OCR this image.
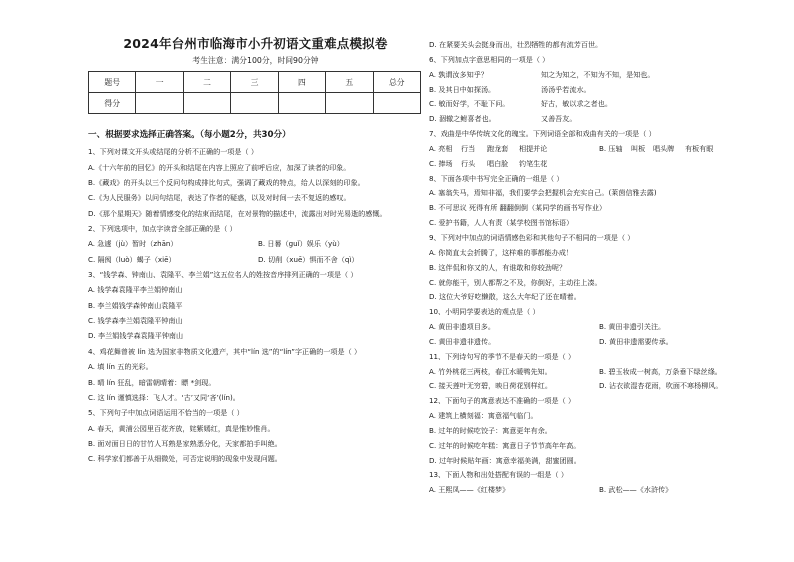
2024年台州市临海市小升初语文重难点模拟卷
考生注意：满分100分，时间90分钟
题号	一	二	三	四	五	总分
得分						
一、根据要求选择正确答案。（每小题2分，共30分）
1、下列对课文开头或结尾的分析不正确的一项是（ ）
A.《十六年前的回忆》的开头和结尾在内容上照应了前呼后应，加深了读者的印象。
B.《藏戏》的开头以三个反问句构成排比句式，强调了藏戏的特点，给人以深刻的印象。
C.《为人民服务》以问句结尾，表达了作者的疑惑，以及对时间一去不复返的感叹。
D.《那个星期天》随着情感变化的结束而结尾，在对景物的描述中，流露出对时光易逝的感慨。
2、下列选项中，加点字读音全部正确的是（ ）
A. 急遽（jù）暂时（zhān）	B. 日晷（guǐ）娱乐（yù）
C. 隔阂（luò）蝎子（xiē）	D. 切削（xuē）惧而不舍（qì）
3、“钱学森、钟南山、袁隆平、李兰娟”这五位名人的姓按音序排列正确的一项是（ ）
A. 钱学森袁隆平李兰娟钟南山
B. 李兰娟钱学森钟南山袁隆平
C. 钱学森李兰娟袁隆平钟南山
D. 李兰娟钱学森袁隆平钟南山
4、鸡花舞曾被 lín 选为国家非物质文化遗产，其中“lín 选”的“lín”字正确的一项是（ ）
A. 填 lín 五的光彩。
B. 晴 lín 狂乱，暗雷朝晴着：瞟 *剑现。
C. 这 lín 谨慎选择：飞人才。‘古’又同‘吝’(lín)。
5、下列句子中加点词语运用不恰当的一项是（ ）
A. 春天，黄浦公园里百花齐放，姹紫嫣红，真是惟妙惟肖。
B. 面对面日日的甘竹人耳熟是家熟悉分化，天家都拍手叫绝。
C. 科学家们都善于从细微处，可否定说明的现象中发现问题。
D. 在紧要关头会挺身而出，壮烈牺牲的都有流芳百世。
6、下列加点字意思相同的一项是（ ）
A. 孰谓汝多知乎？	知之为知之，不知为不知，是知也。
B. 及其日中如探汤。	汤汤乎若流水。
C. 敏而好学，不耻下问。	好古，敏以求之者也。
D. 涸辙之鲋喜者也。	又善吾友。
7、戏曲是中华传统文化的瑰宝。下列词语全部和戏曲有关的一项是（ ）
A. 亮相	行当	跑龙套	相提并论	B. 压轴	叫板	唱头牌	有板有眼
C. 捧场	行头	唱白脸	钓笔生花
8、下面各项中书写完全正确的一组是（ ）
A. 塞翁失马，焉知非福，我们要学会把握机会充实自己。(莱茵信雅去露)
B. 不可思议 死得有所 翻翻倒倒（某同学的画书写作业）
C. 爱护书籍，人人有责（某学校图书馆标语）
9、下列对中加点的词语情感色彩和其他句子不相同的一项是（ ）
A. 你简直太会折腾了，这样难的事都能办成！
B. 这伴侃和你又的人，有谁敢和你较劲呢？
C. 就你能干，别人都帮之不及，你倒好，主动往上凑。
D. 这位大爷好吃懒散，这么大年纪了还在晴着。
10、小明同学要表达的观点是（ ）
A. 黄田非遗项目多。	B. 黄田非遗引关注。
C. 黄田非遗非遗传。	D. 黄田非遗需要传承。
11、下列诗句写的季节不是春天的一项是（ ）
A. 竹外桃花三两枝，春江水暖鸭先知。	B. 碧玉妆成一树高，万条垂下绿丝绦。
C. 接天莲叶无穷碧，映日荷花别样红。	D. 沾衣欲湿杏花雨，吹面不寒杨柳风。
12、下面句子的寓意表达不准确的一项是（ ）
A. 建筑上横刻福：寓意福气临门。
B. 过年的时候吃饺子：寓意更年有余。
C. 过年的时候吃年糕：寓意日子节节高年年高。
D. 过年时候贴年画：寓意幸福美满，甜蜜团圆。
13、下面人物和出处搭配有误的一组是（ ）
A. 王熙凤——《红楼梦》	B. 武松——《水浒传》
